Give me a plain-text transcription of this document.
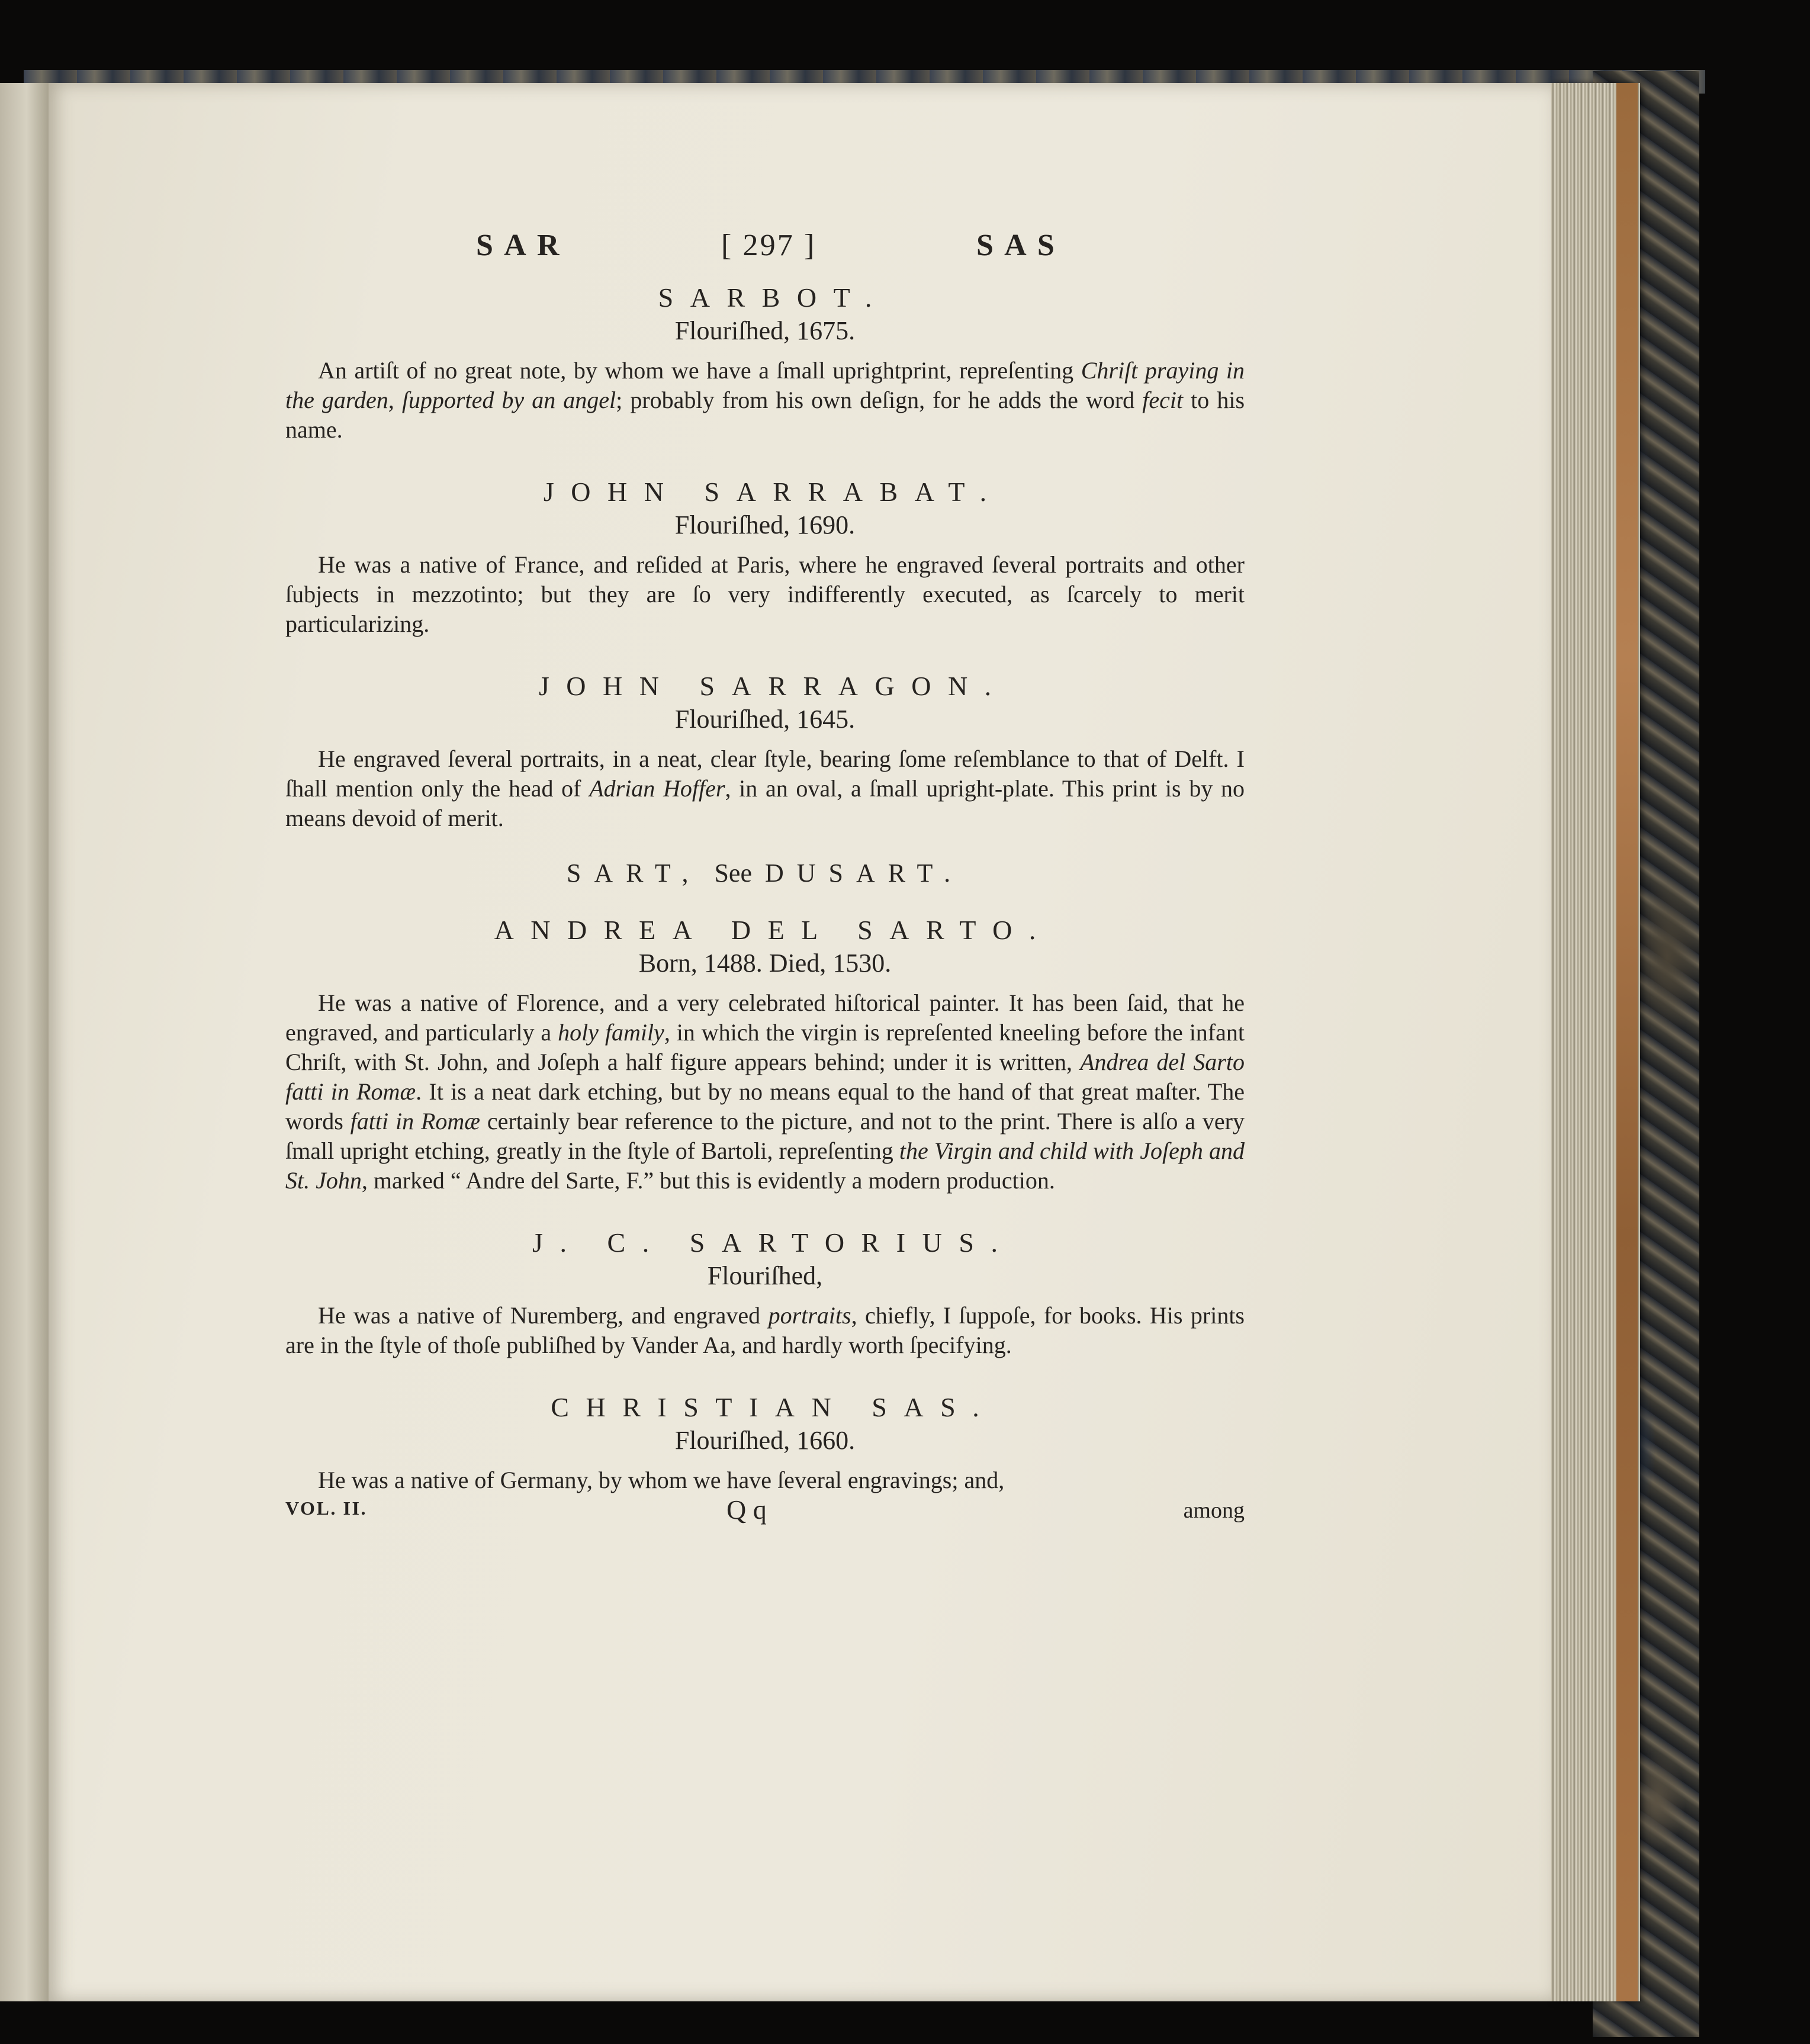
SAR	[ 297 ]	SAS
SARBOT.
Flouriſhed, 1675.

An artiſt of no great note, by whom we have a ſmall uprightprint, repreſenting Chriſt praying in the garden, ſupported by an angel; probably from his own deſign, for he adds the word fecit to his name.

JOHN SARRABAT.
Flouriſhed, 1690.

He was a native of France, and reſided at Paris, where he engraved ſeveral portraits and other ſubjects in mezzotinto; but they are ſo very indifferently executed, as ſcarcely to merit particularizing.

JOHN SARRAGON.
Flouriſhed, 1645.

He engraved ſeveral portraits, in a neat, clear ſtyle, bearing ſome reſemblance to that of Delft. I ſhall mention only the head of Adrian Hoffer, in an oval, a ſmall upright-plate. This print is by no means devoid of merit.

SART, See DUSART.
ANDREA DEL SARTO.
Born, 1488. Died, 1530.

He was a native of Florence, and a very celebrated hiſtorical painter. It has been ſaid, that he engraved, and particularly a holy family, in which the virgin is repreſented kneeling before the infant Chriſt, with St. John, and Joſeph a half figure appears behind; under it is written, Andrea del Sarto fatti in Romæ. It is a neat dark etching, but by no means equal to the hand of that great maſter. The words fatti in Romæ certainly bear reference to the picture, and not to the print. There is alſo a very ſmall upright etching, greatly in the ſtyle of Bartoli, repreſenting the Virgin and child with Joſeph and St. John, marked “ Andre del Sarte, F.” but this is evidently a modern production.

J. C. SARTORIUS.
Flouriſhed,

He was a native of Nuremberg, and engraved portraits, chiefly, I ſuppoſe, for books. His prints are in the ſtyle of thoſe publiſhed by Vander Aa, and hardly worth ſpecifying.

CHRISTIAN SAS.
Flouriſhed, 1660.

He was a native of Germany, by whom we have ſeveral engravings; and,

VOL. II.	Q q	among
